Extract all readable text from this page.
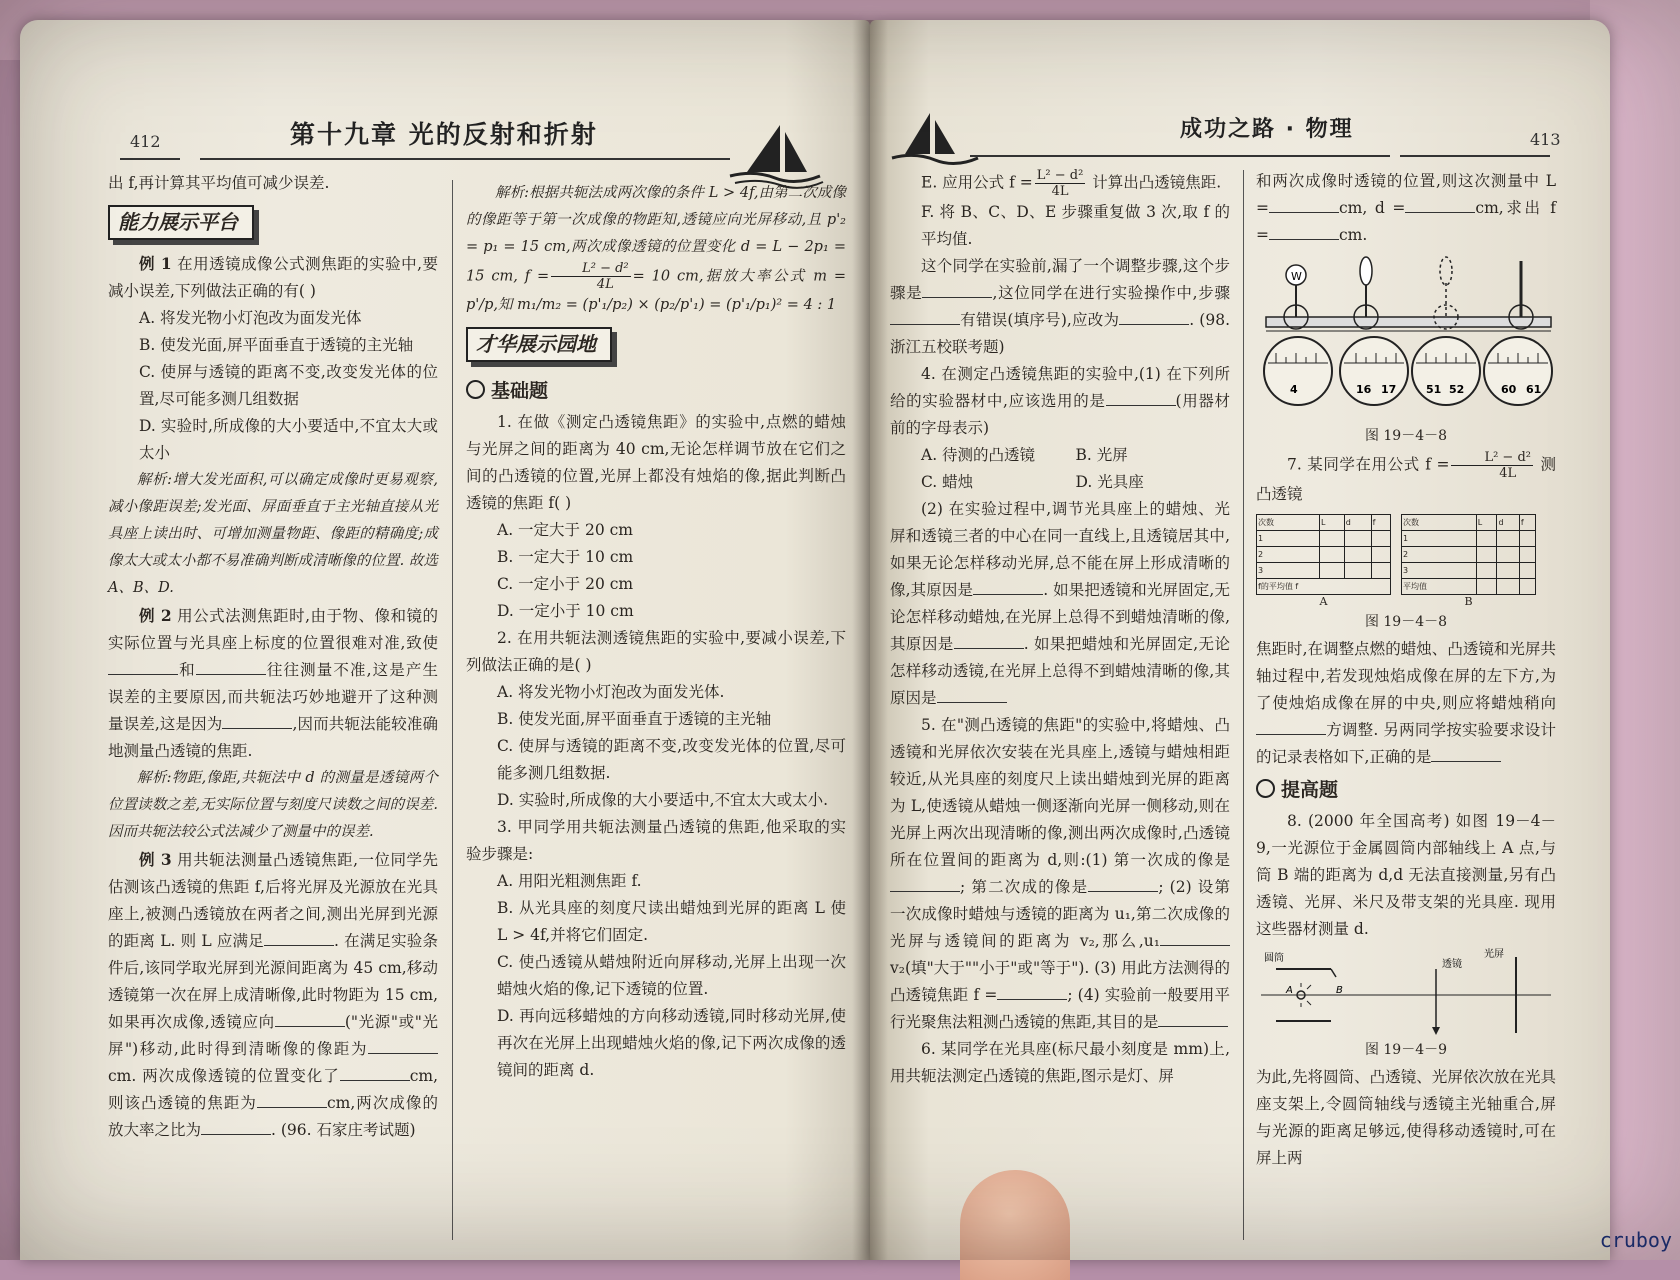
412	第十九章 光的反射和折射

出 f,再计算其平均值可减少误差.

能力展示平台

例 1 在用透镜成像公式测焦距的实验中,要减小误差,下列做法正确的有( )

A. 将发光物小灯泡改为面发光体

B. 使发光面,屏平面垂直于透镜的主光轴

C. 使屏与透镜的距离不变,改变发光体的位置,尽可能多测几组数据

D. 实验时,所成像的大小要适中,不宜太大或太小

解析:增大发光面积,可以确定成像时更易观察,减小像距误差;发光面、屏面垂直于主光轴直接从光具座上读出时、可增加测量物距、像距的精确度;成像太大或太小都不易准确判断成清晰像的位置. 故选 A、B、D.

例 2 用公式法测焦距时,由于物、像和镜的实际位置与光具座上标度的位置很难对准,致使和	往往测量不准,这是产生误差的主要原因,而共轭法巧妙地避开了这种测量误差,这是因为	,因而共轭法能较准确地测量凸透镜的焦距.

解析:物距,像距,共轭法中 d 的测量是透镜两个位置读数之差,无实际位置与刻度尺读数之间的误差. 因而共轭法较公式法减少了测量中的误差.

例 3 用共轭法测量凸透镜焦距,一位同学先估测该凸透镜的焦距 f,后将光屏及光源放在光具座上,被测凸透镜放在两者之间,测出光屏到光源的距离 L. 则 L 应满足	. 在满足实验条件后,该同学取光屏到光源间距离为 45 cm,移动透镜第一次在屏上成清晰像,此时物距为 15 cm,如果再次成像,透镜应向	("光源"或"光屏")移动,此时得到清晰像的像距为cm. 两次成像透镜的位置变化了	cm,则该凸透镜的焦距为	cm,两次成像的放大率之比为	. (96. 石家庄考试题)

解析:根据共轭法成两次像的条件 L > 4f,由第二次成像的像距等于第一次成像的物距知,透镜应向光屏移动,且 p'₂ = p₁ = 15 cm,两次成像透镜的位置变化 d = L − 2p₁ = 15 cm, $f = \frac{\text{L² − d²}}{4L} = 10$ cm,据放大率公式 m = p'/p,知 m₁/m₂ = (p'₁/p₂) × (p₂/p'₁) = (p'₁/p₁)² = 4 : 1

才华展示园地
基础题

1. 在做《测定凸透镜焦距》的实验中,点燃的蜡烛与光屏之间的距离为 40 cm,无论怎样调节放在它们之间的凸透镜的位置,光屏上都没有烛焰的像,据此判断凸透镜的焦距 f( )

A. 一定大于 20 cm

B. 一定大于 10 cm

C. 一定小于 20 cm

D. 一定小于 10 cm

2. 在用共轭法测透镜焦距的实验中,要减小误差,下列做法正确的是( )

A. 将发光物小灯泡改为面发光体.

B. 使发光面,屏平面垂直于透镜的主光轴

C. 使屏与透镜的距离不变,改变发光体的位置,尽可能多测几组数据.

D. 实验时,所成像的大小要适中,不宜太大或太小.

3. 甲同学用共轭法测量凸透镜的焦距,他采取的实验步骤是:

A. 用阳光粗测焦距 f.

B. 从光具座的刻度尺读出蜡烛到光屏的距离 L 使 L > 4f,并将它们固定.

C. 使凸透镜从蜡烛附近向屏移动,光屏上出现一次蜡烛火焰的像,记下透镜的位置.

D. 再向远移蜡烛的方向移动透镜,同时移动光屏,使再次在光屏上出现蜡烛火焰的像,记下两次成像的透镜间的距离 d.

成功之路 · 物理	413

E. 应用公式 $f = \frac{\text{L² − d²}}{4L}$ 计算出凸透镜焦距.

F. 将 B、C、D、E 步骤重复做 3 次,取 f 的平均值.

这个同学在实验前,漏了一个调整步骤,这个步骤是	,这位同学在进行实验操作中,步骤有错误(填序号),应改为	. (98. 浙江五校联考题)

4. 在测定凸透镜焦距的实验中,(1) 在下列所给的实验器材中,应该选用的是	(用器材前的字母表示)

A. 待测的凸透镜	B. 光屏
C. 蜡烛	D. 光具座

(2) 在实验过程中,调节光具座上的蜡烛、光屏和透镜三者的中心在同一直线上,且透镜居其中,如果无论怎样移动光屏,总不能在屏上形成清晰的像,其原因是	. 如果把透镜和光屏固定,无论怎样移动蜡烛,在光屏上总得不到蜡烛清晰的像,其原因是	. 如果把蜡烛和光屏固定,无论怎样移动透镜,在光屏上总得不到蜡烛清晰的像,其原因是

5. 在"测凸透镜的焦距"的实验中,将蜡烛、凸透镜和光屏依次安装在光具座上,透镜与蜡烛相距较近,从光具座的刻度尺上读出蜡烛到光屏的距离为 L,使透镜从蜡烛一侧逐渐向光屏一侧移动,则在光屏上两次出现清晰的像,测出两次成像时,凸透镜所在位置间的距离为 d,则:(1) 第一次成的像是; 第二次成的像是	; (2) 设第一次成像时蜡烛与透镜的距离为 u₁,第二次成像的光屏与透镜间的距离为 v₂,那么,u₁v₂(填"大于""小于"或"等于"). (3) 用此方法测得的凸透镜焦距 f =	; (4) 实验前一般要用平行光聚焦法粗测凸透镜的焦距,其目的是

6. 某同学在光具座(标尺最小刻度是 mm)上,用共轭法测定凸透镜的焦距,图示是灯、屏

和两次成像时透镜的位置,则这次测量中 L =	cm, d =	cm,求出 f =	cm.

W
4	16 17	51 52	60 61
图 19－4－8

7. 某同学在用公式 $f = \frac{\text{L² − d²}}{4L}$ 测凸透镜

次数	L	d	f
1			
2			
3			
f的平均值 f			
A
次数	L	d	f
1			
2			
3			
平均值			
B
图 19－4－8

焦距时,在调整点燃的蜡烛、凸透镜和光屏共轴过程中,若发现烛焰成像在屏的左下方,为了使烛焰成像在屏的中央,则应将蜡烛稍向方调整. 另两同学按实验要求设计的记录表格如下,正确的是

提高题

8. (2000 年全国高考) 如图 19－4－9,一光源位于金属圆筒内部轴线上 A 点,与筒 B 端的距离为 d,d 无法直接测量,另有凸透镜、光屏、米尺及带支架的光具座. 现用这些器材测量 d.

A	B
圆筒
透镜
光屏
图 19－4－9

为此,先将圆筒、凸透镜、光屏依次放在光具座支架上,令圆筒轴线与透镜主光轴重合,屏与光源的距离足够远,使得移动透镜时,可在屏上两

cruboy
